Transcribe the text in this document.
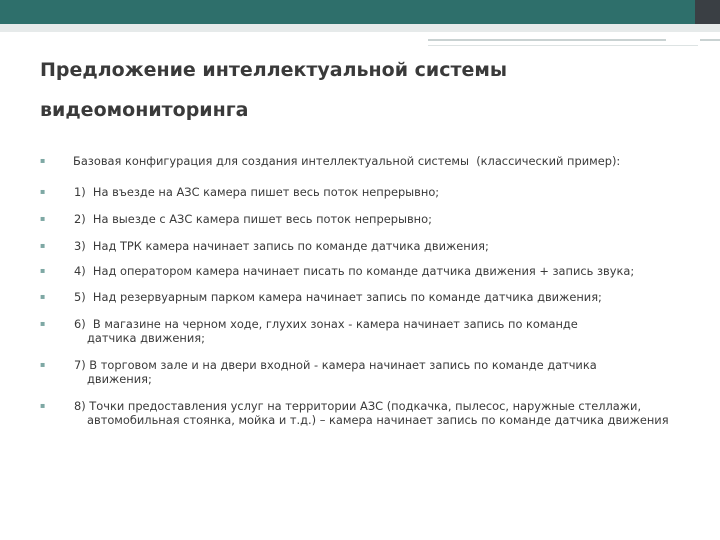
Предложение интеллектуальной системы
видеомониторинга
▪	Базовая конфигурация для создания интеллектуальной системы  (классический пример):
▪	1)  На въезде на АЗС камера пишет весь поток непрерывно;
▪	2)  На выезде с АЗС камера пишет весь поток непрерывно;
▪	3)  Над ТРК камера начинает запись по команде датчика движения;
▪	4)  Над оператором камера начинает писать по команде датчика движения + запись звука;
▪	5)  Над резервуарным парком камера начинает запись по команде датчика движения;
▪	6)  В магазине на черном ходе, глухих зонах - камера начинает запись по команде датчика движения;
▪	7) В торговом зале и на двери входной - камера начинает запись по команде датчика движения;
▪	8) Точки предоставления услуг на территории АЗС (подкачка, пылесос, наружные стеллажи, автомобильная стоянка, мойка и т.д.) – камера начинает запись по команде датчика движения
